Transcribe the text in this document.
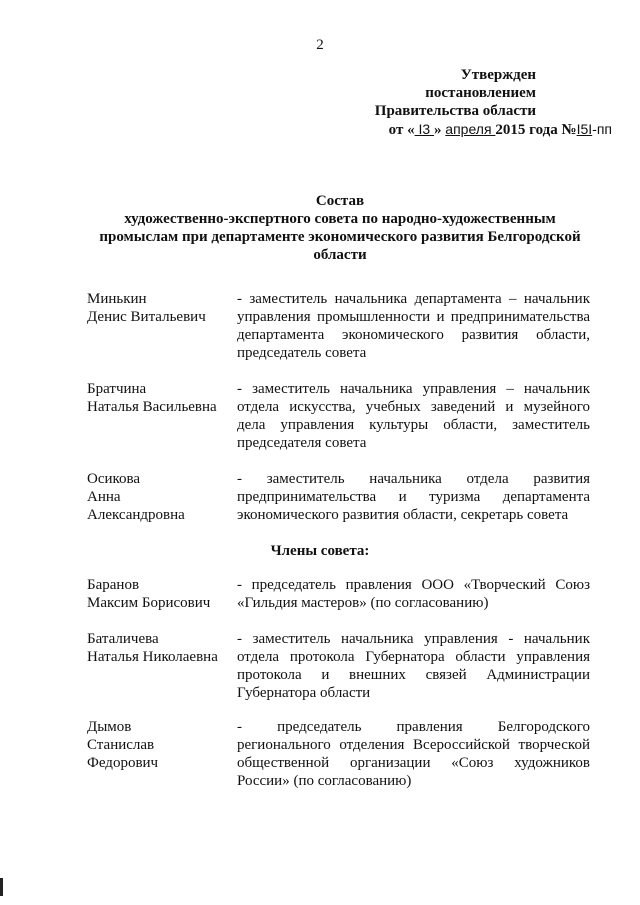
2
Утвержден
постановлением
Правительства области
от « I3 » апреля 2015 года №I5I-пп
Состав
художественно-экспертного совета по народно-художественным
промыслам при департаменте экономического развития Белгородской
области
Минькин
Денис Витальевич
- заместитель начальника департамента – начальник
управления промышленности и предпринимательства
департамента экономического развития области,
председатель совета
Братчина
Наталья Васильевна
- заместитель начальника управления – начальник
отдела искусства, учебных заведений и музейного
дела управления культуры области, заместитель
председателя совета
Осикова
Анна
Александровна
- заместитель начальника отдела развития
предпринимательства и туризма департамента
экономического развития области, секретарь совета
Члены совета:
Баранов
Максим Борисович
- председатель правления ООО «Творческий Союз
«Гильдия мастеров» (по согласованию)
Баталичева
Наталья Николаевна
- заместитель начальника управления - начальник
отдела протокола Губернатора области управления
протокола и внешних связей Администрации
Губернатора области
Дымов
Станислав
Федорович
- председатель правления Белгородского
регионального отделения Всероссийской творческой
общественной организации «Союз художников
России» (по согласованию)
